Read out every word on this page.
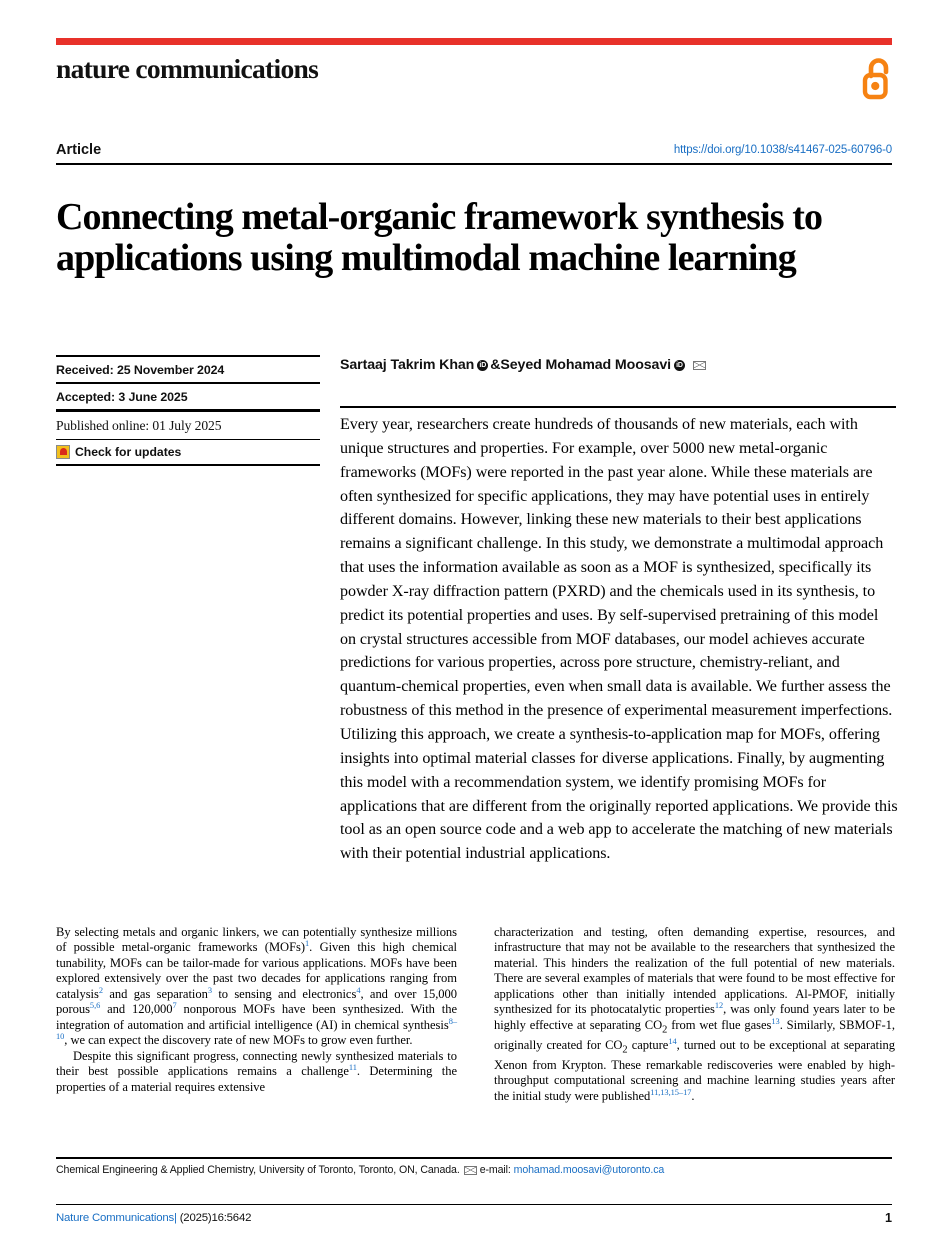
nature communications
Article	https://doi.org/10.1038/s41467-025-60796-0
Connecting metal-organic framework synthesis to applications using multimodal machine learning
Received: 25 November 2024
Accepted: 3 June 2025
Published online: 01 July 2025
Check for updates
Sartaaj Takrim Khan iD & Seyed Mohamad Moosavi
iD
Every year, researchers create hundreds of thousands of new materials, each with unique structures and properties. For example, over 5000 new metal-organic frameworks (MOFs) were reported in the past year alone. While these materials are often synthesized for specific applications, they may have potential uses in entirely different domains. However, linking these new materials to their best applications remains a significant challenge. In this study, we demonstrate a multimodal approach that uses the information available as soon as a MOF is synthesized, specifically its powder X-ray diffraction pattern (PXRD) and the chemicals used in its synthesis, to predict its potential properties and uses. By self-supervised pretraining of this model on crystal structures accessible from MOF databases, our model achieves accurate predictions for various properties, across pore structure, chemistry-reliant, and quantum-chemical properties, even when small data is available. We further assess the robustness of this method in the presence of experimental measurement imperfections. Utilizing this approach, we create a synthesis-to-application map for MOFs, offering insights into optimal material classes for diverse applications. Finally, by augmenting this model with a recommendation system, we identify promising MOFs for applications that are different from the originally reported applications. We provide this tool as an open source code and a web app to accelerate the matching of new materials with their potential industrial applications.

By selecting metals and organic linkers, we can potentially synthesize millions of possible metal-organic frameworks (MOFs)$^1$. Given this high chemical tunability, MOFs can be tailor-made for various applications. MOFs have been explored extensively over the past two decades for applications ranging from catalysis$^2$ and gas separation$^3$ to sensing and electronics$^4$, and over 15,000 porous$^{5,6}$ and 120,000$^7$ nonporous MOFs have been synthesized. With the integration of automation and artificial intelligence (AI) in chemical synthesis$^{8-10}$, we can expect the discovery rate of new MOFs to grow even further.

Despite this significant progress, connecting newly synthesized materials to their best possible applications remains a challenge$^{11}$. Determining the properties of a material requires extensive

characterization and testing, often demanding expertise, resources, and infrastructure that may not be available to the researchers that synthesized the material. This hinders the realization of the full potential of new materials. There are several examples of materials that were found to be most effective for applications other than initially intended applications. Al-PMOF, initially synthesized for its photocatalytic properties$^{12}$, was only found years later to be highly effective at separating $CO_2$ from wet flue gases$^{13}$. Similarly, SBMOF-1, originally created for $CO_2$ capture$^{14}$, turned out to be exceptional at separating Xenon from Krypton. These remarkable rediscoveries were enabled by high-throughput computational screening and machine learning studies years after the initial study were published$^{11,13,15-17}$.

Chemical Engineering & Applied Chemistry, University of Toronto, Toronto, ON, Canada. e-mail:
mohamad.moosavi@utoronto.ca
Nature Communications| (2025)16:5642	1
